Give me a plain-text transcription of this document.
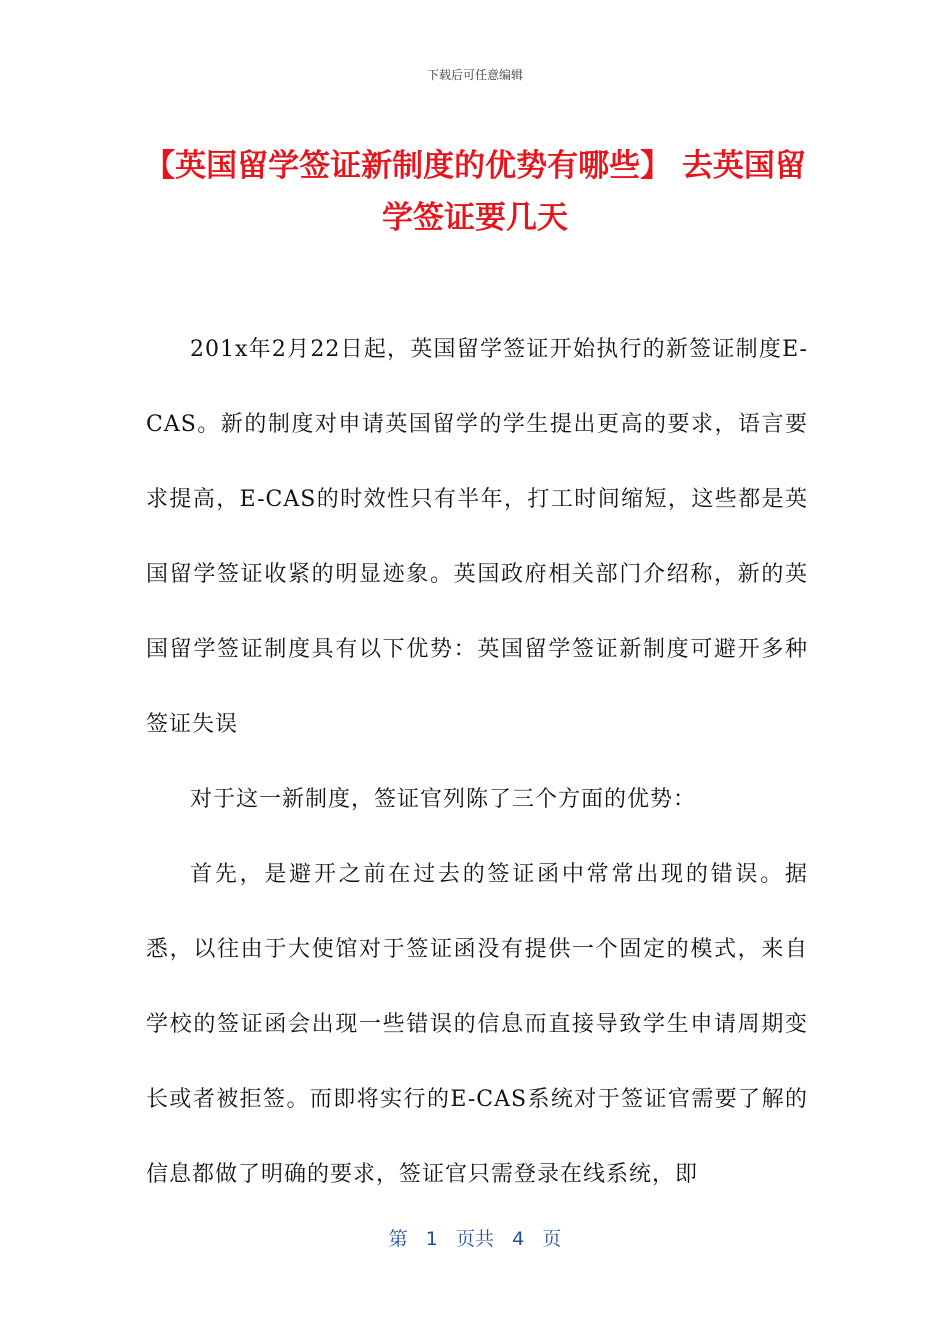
下载后可任意编辑
【英国留学签证新制度的优势有哪些】 去英国留学签证要几天

201x年2月22日起，英国留学签证开始执行的新签证制度E-CAS。新的制度对申请英国留学的学生提出更高的要求，语言要求提高，E-CAS的时效性只有半年，打工时间缩短，这些都是英国留学签证收紧的明显迹象。英国政府相关部门介绍称，新的英国留学签证制度具有以下优势：英国留学签证新制度可避开多种签证失误

对于这一新制度，签证官列陈了三个方面的优势：

首先，是避开之前在过去的签证函中常常出现的错误。据悉，以往由于大使馆对于签证函没有提供一个固定的模式，来自学校的签证函会出现一些错误的信息而直接导致学生申请周期变长或者被拒签。而即将实行的E-CAS系统对于签证官需要了解的信息都做了明确的要求，签证官只需登录在线系统，即

第 1 页共 4 页
